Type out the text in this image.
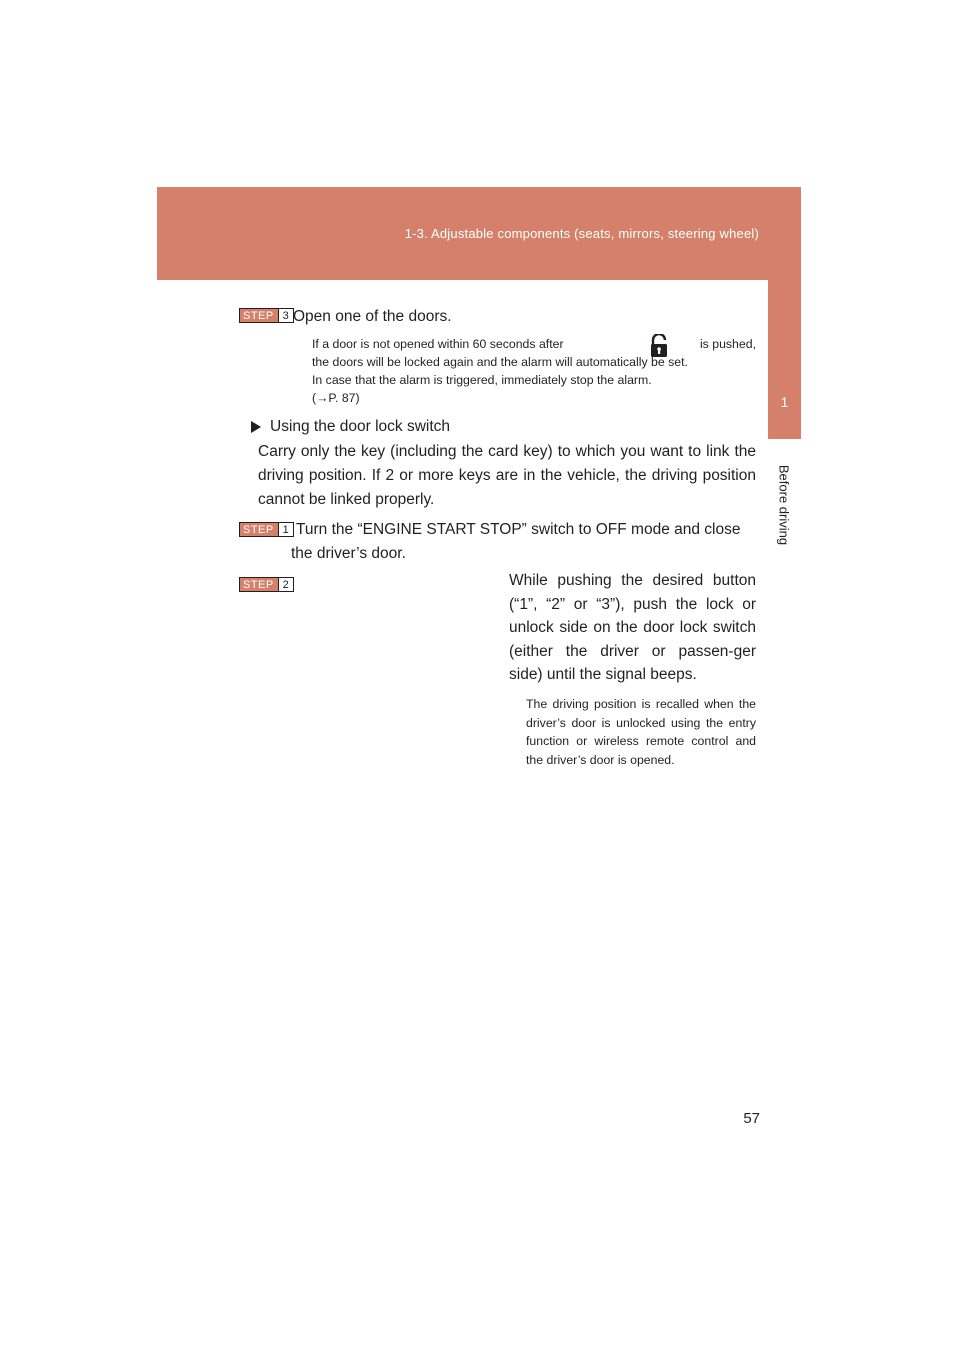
1-3. Adjustable components (seats, mirrors, steering wheel)
1
Before driving
STEP 3 Open one of the doors.
If a door is not opened within 60 seconds after	is pushed,
the doors will be locked again and the alarm will automatically be set.
In case that the alarm is triggered, immediately stop the alarm.
(→P. 87)
Using the door lock switch
Carry only the key (including the card key) to which you want to link the driving position. If 2 or more keys are in the vehicle, the driving position cannot be linked properly.
STEP 1 Turn the “ENGINE START STOP” switch to OFF mode and close
the driver’s door.
STEP 2	While pushing the desired button (“1”, “2” or “3”), push the lock or unlock side on the door lock switch (either the driver or passen-ger side) until the signal beeps.
The driving position is recalled when the driver’s door is unlocked using the entry function or wireless remote control and the driver’s door is opened.
57
